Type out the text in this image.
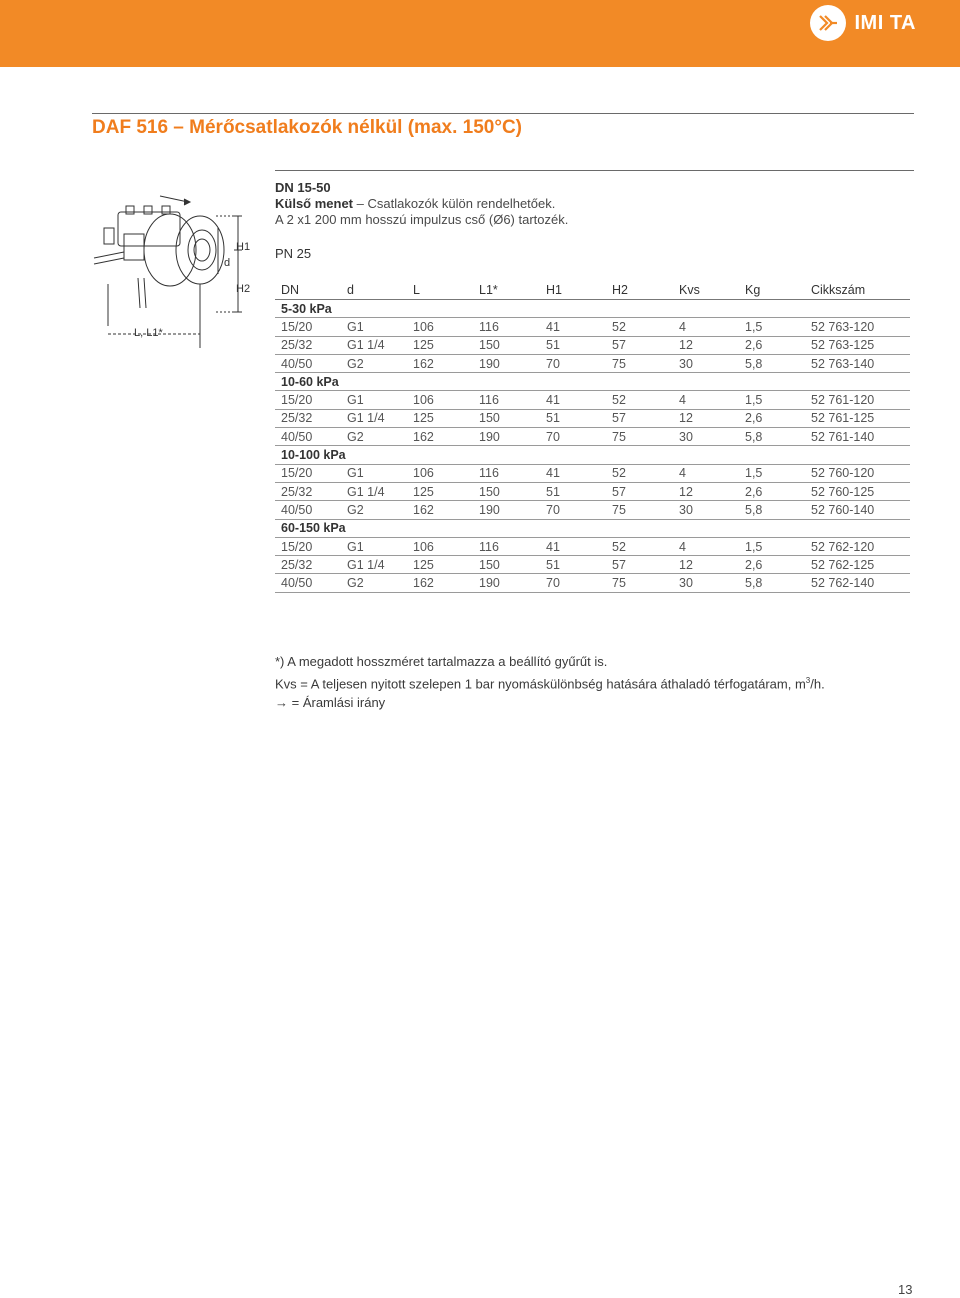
IMI TA
DAF 516 – Mérőcsatlakozók nélkül (max. 150°C)
H1
H2
d
L, L1*
DN 15-50
Külső menet – Csatlakozók külön rendelhetőek.
A 2 x1 200 mm hosszú impulzus cső (Ø6) tartozék.
PN 25
DN	d	L	L1*	H1	H2	Kvs	Kg	Cikkszám
5-30 kPa								
15/20	G1	106	116	41	52	4	1,5	52 763-120
25/32	G1 1/4	125	150	51	57	12	2,6	52 763-125
40/50	G2	162	190	70	75	30	5,8	52 763-140
10-60 kPa								
15/20	G1	106	116	41	52	4	1,5	52 761-120
25/32	G1 1/4	125	150	51	57	12	2,6	52 761-125
40/50	G2	162	190	70	75	30	5,8	52 761-140
10-100 kPa								
15/20	G1	106	116	41	52	4	1,5	52 760-120
25/32	G1 1/4	125	150	51	57	12	2,6	52 760-125
40/50	G2	162	190	70	75	30	5,8	52 760-140
60-150 kPa								
15/20	G1	106	116	41	52	4	1,5	52 762-120
25/32	G1 1/4	125	150	51	57	12	2,6	52 762-125
40/50	G2	162	190	70	75	30	5,8	52 762-140
*) A megadott hosszméret tartalmazza a beállító gyűrűt is.
Kvs = A teljesen nyitott szelepen 1 bar nyomáskülönbség hatására áthaladó térfogatáram, $m^3/h$.
→ = Áramlási irány
13
